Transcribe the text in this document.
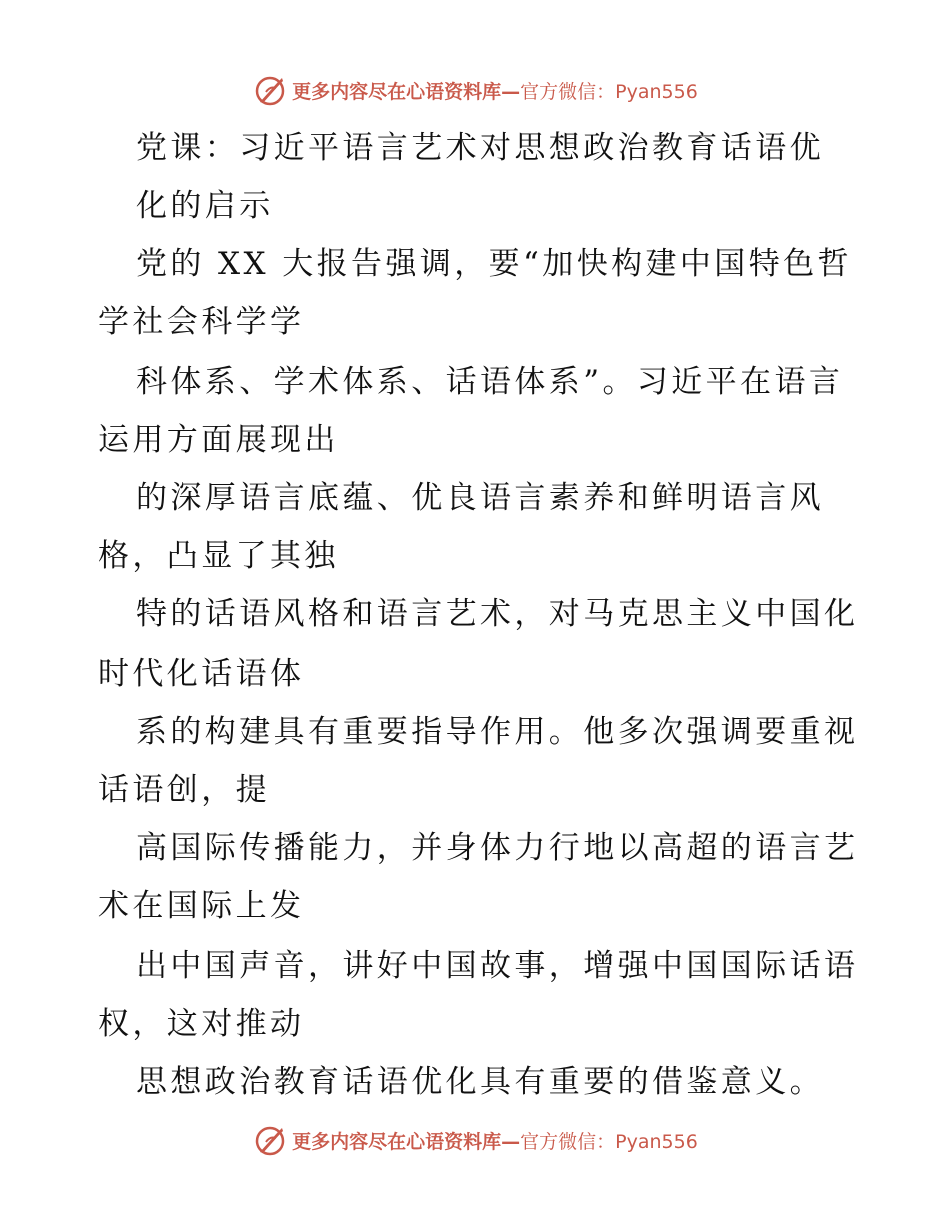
更多内容尽在心语资料库— 官方微信：Pyan556
党课：习近平语言艺术对思想政治教育话语优
化的启示
党的 XX 大报告强调，要“加快构建中国特色哲
学社会科学学
科体系、学术体系、话语体系”。习近平在语言
运用方面展现出
的深厚语言底蕴、优良语言素养和鲜明语言风
格，凸显了其独
特的话语风格和语言艺术，对马克思主义中国化
时代化话语体
系的构建具有重要指导作用。他多次强调要重视
话语创，提
高国际传播能力，并身体力行地以高超的语言艺
术在国际上发
出中国声音，讲好中国故事，增强中国国际话语
权，这对推动
思想政治教育话语优化具有重要的借鉴意义。
更多内容尽在心语资料库— 官方微信：Pyan556
